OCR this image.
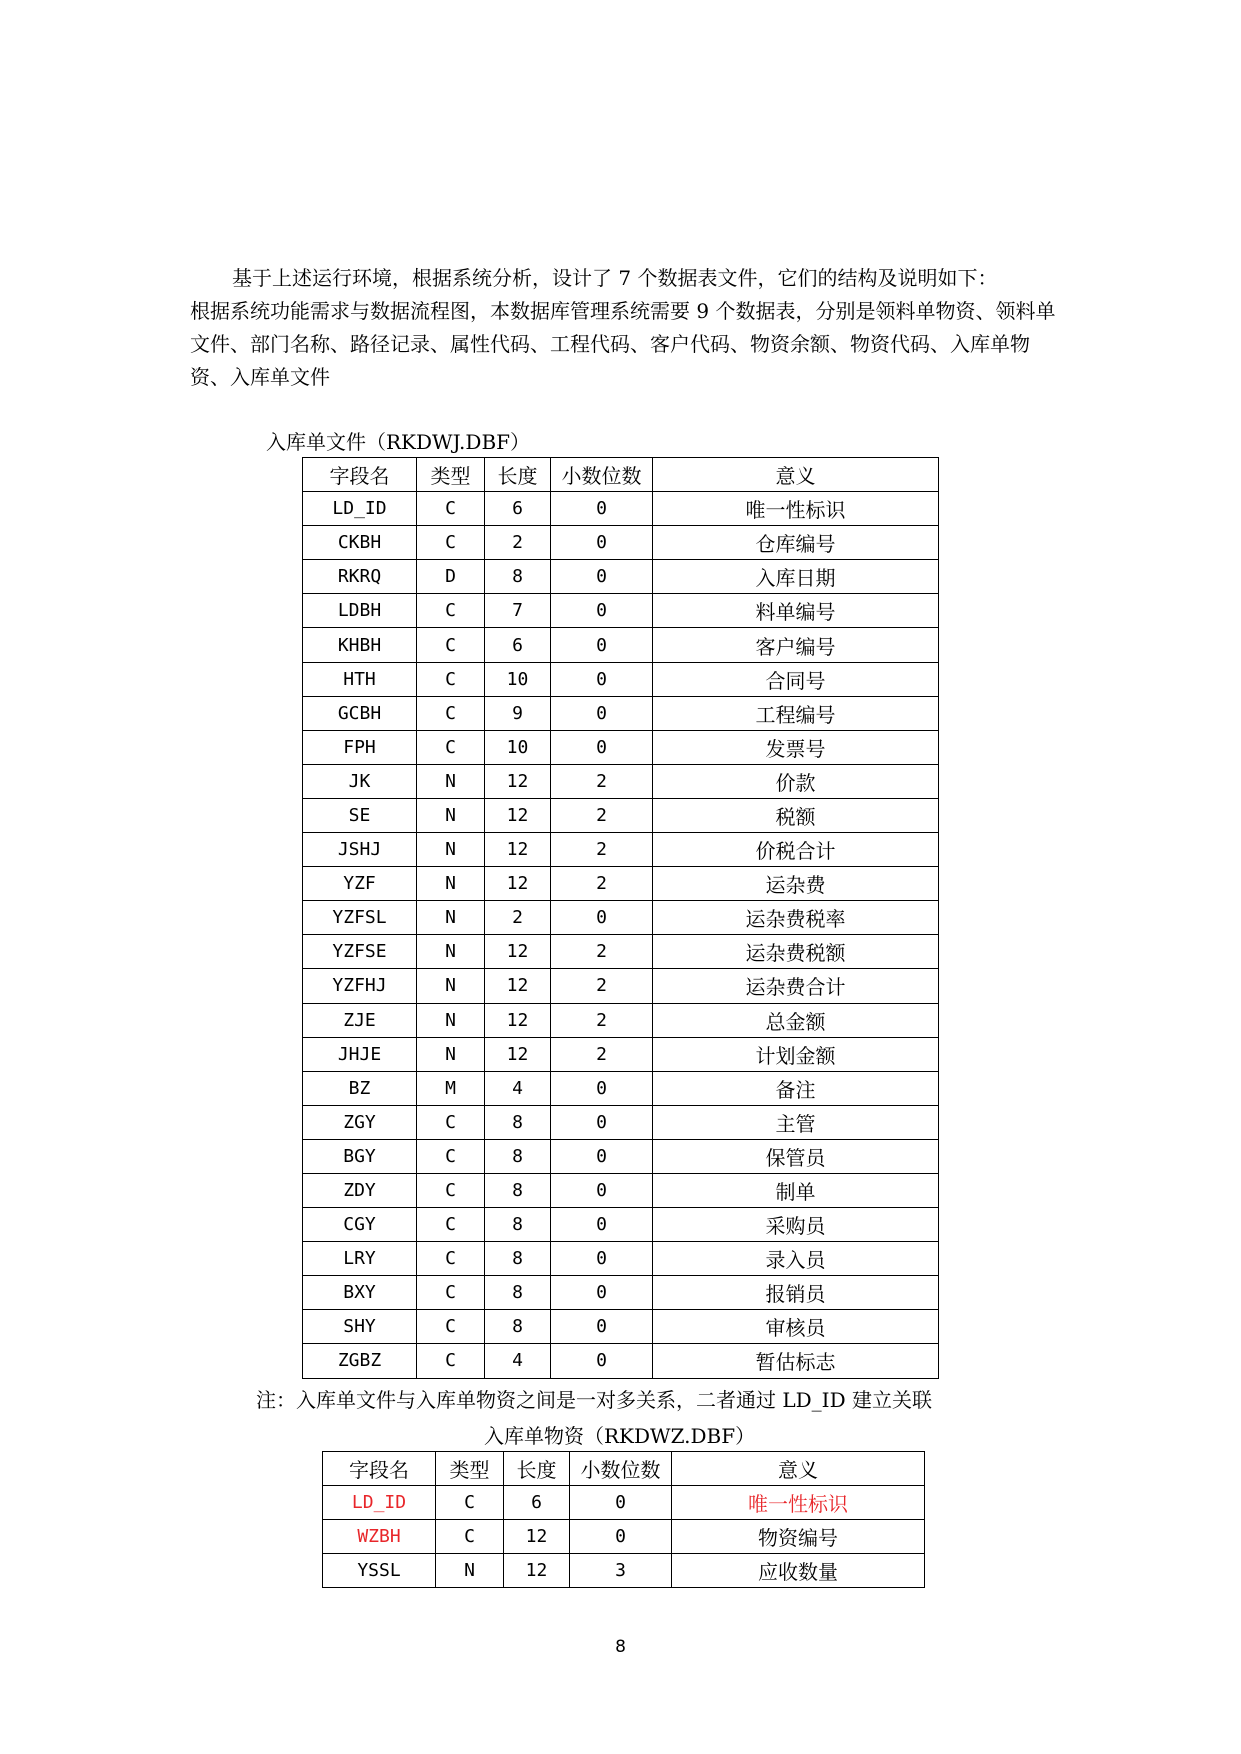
基于上述运行环境，根据系统分析，设计了 7 个数据表文件，它们的结构及说明如下：
根据系统功能需求与数据流程图，本数据库管理系统需要 9 个数据表，分别是领料单物资、领料单文件、部门名称、路径记录、属性代码、工程代码、客户代码、物资余额、物资代码、入库单物资、入库单文件
入库单文件（RKDWJ.DBF）
字段名	类型	长度	小数位数	意义
LD_ID	C	6	0	唯一性标识
CKBH	C	2	0	仓库编号
RKRQ	D	8	0	入库日期
LDBH	C	7	0	料单编号
KHBH	C	6	0	客户编号
HTH	C	10	0	合同号
GCBH	C	9	0	工程编号
FPH	C	10	0	发票号
JK	N	12	2	价款
SE	N	12	2	税额
JSHJ	N	12	2	价税合计
YZF	N	12	2	运杂费
YZFSL	N	2	0	运杂费税率
YZFSE	N	12	2	运杂费税额
YZFHJ	N	12	2	运杂费合计
ZJE	N	12	2	总金额
JHJE	N	12	2	计划金额
BZ	M	4	0	备注
ZGY	C	8	0	主管
BGY	C	8	0	保管员
ZDY	C	8	0	制单
CGY	C	8	0	采购员
LRY	C	8	0	录入员
BXY	C	8	0	报销员
SHY	C	8	0	审核员
ZGBZ	C	4	0	暂估标志
注：入库单文件与入库单物资之间是一对多关系，二者通过 LD_ID 建立关联
入库单物资（RKDWZ.DBF）
字段名	类型	长度	小数位数	意义
LD_ID	C	6	0	唯一性标识
WZBH	C	12	0	物资编号
YSSL	N	12	3	应收数量
8
